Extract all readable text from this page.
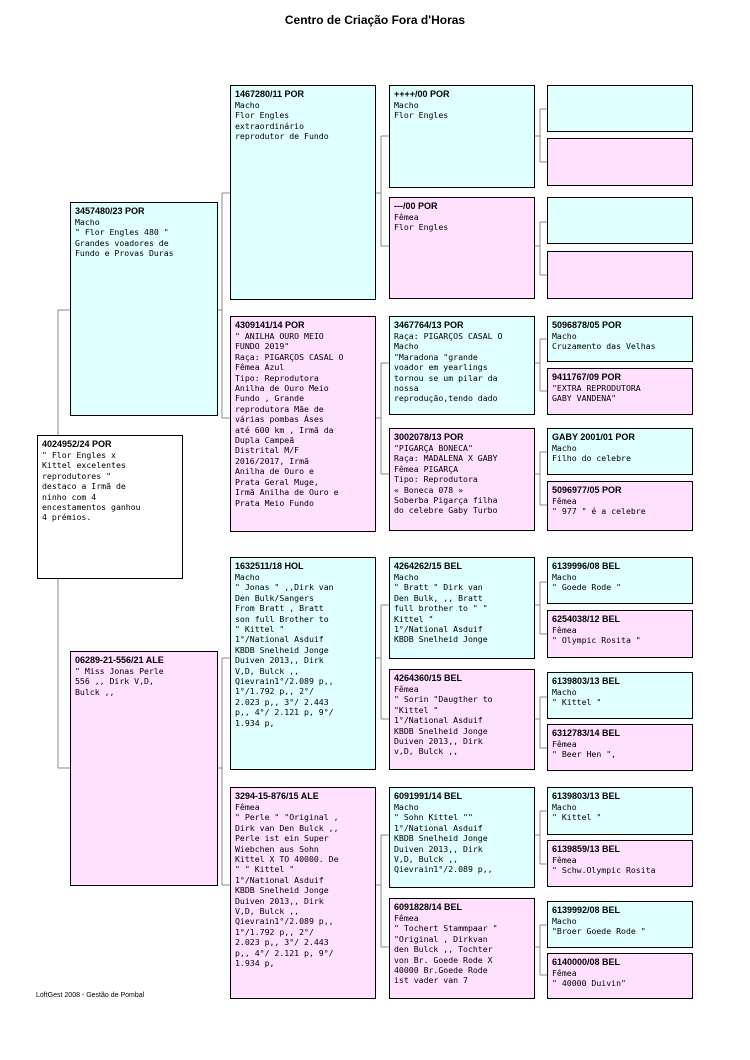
Centro de Criação Fora d'Horas
4024952/24 POR
" Flor Engles x
Kittel excelentes
reprodutores "
destaco a Irmã de
ninho com 4
encestamentos ganhou
4 prémios.
3457480/23 POR
Macho
" Flor Engles 480 "
Grandes voadores de
Fundo e Provas Duras
06289-21-556/21 ALE
" Miss Jonas Perle
556 ,, Dirk V,D,
Bulck ,,
1467280/11 POR
Macho
Flor Engles
extraordinário
reprodutor de Fundo
4309141/14 POR
" ANILHA OURO MEIO
FUNDO 2019"
Raça: PIGARÇOS CASAL O
Fêmea Azul
Tipo: Reprodutora
Anilha de Ouro Meio
Fundo , Grande
reprodutora Mãe de
várias pombas Áses
até 600 km , Irmã da
Dupla Campeã
Distrital M/F
2016/2017, Irmã
Anilha de Ouro e
Prata Geral Muge,
Irmã Anilha de Ouro e
Prata Meio Fundo
1632511/18 HOL
Macho
" Jonas " ,,Dirk van
Den Bulk/Sangers
From Bratt , Bratt
son full Brother to
" Kittel "
1°/National Asduif
KBDB Snelheid Jonge
Duiven 2013,, Dirk
V,D, Bulck ,,
Qievrain1°/2.089 p,,
1°/1.792 p,, 2°/
2.023 p,, 3°/ 2.443
p,, 4°/ 2.121 p, 9°/
1.934 p,
3294-15-876/15 ALE
Fêmea
" Perle " "Original ,
Dirk van Den Bulck ,,
Perle ist ein Super
Wiebchen aus Sohn
Kittel X TO 40000. De
" " Kittel "
1°/National Asduif
KBDB Snelheid Jonge
Duiven 2013,, Dirk
V,D, Bulck ,,
Qievrain1°/2.089 p,,
1°/1.792 p,, 2°/
2.023 p,, 3°/ 2.443
p,, 4°/ 2.121 p, 9°/
1.934 p,
++++/00 POR
Macho
Flor Engles
---/00 POR
Fêmea
Flor Engles
3467764/13 POR
Raça: PIGARÇOS CASAL O
Macho
"Maradona "grande
voador em yearlings
tornou se um pilar da
nossa
reprodução,tendo dado
3002078/13 POR
"PIGARÇA BONECA"
Raça: MADALENA X GABY
Fêmea PIGARÇA
Tipo: Reprodutora
« Boneca 078 »
Soberba Pigarça filha
do celebre Gaby Turbo
4264262/15 BEL
Macho
" Bratt " Dirk van
Den Bulk, ,, Bratt
full brother to " "
Kittel "
1°/National Asduif
KBDB Snelheid Jonge
4264360/15 BEL
Fêmea
" Sorin "Daugther to
"Kittel "
1°/National Asduif
KBDB Snelheid Jonge
Duiven 2013,, Dirk
v,D, Bulck ,,
6091991/14 BEL
Macho
" Sohn Kittel ""
1°/National Asduif
KBDB Snelheid Jonge
Duiven 2013,, Dirk
V,D, Bulck ,,
Qievrain1°/2.089 p,,
6091828/14 BEL
Fêmea
" Tochert Stammpaar "
"Original , Dirkvan
den Bulck ,, Tochter
von Br. Goede Rode X
40000 Br.Goede Rode
ist vader van 7
5096878/05 POR
Macho
Cruzamento das Velhas
9411767/09 POR
"EXTRA REPRODUTORA
GABY VANDENA"
GABY 2001/01 POR
Macho
Filho do celebre
5096977/05 POR
Fêmea
" 977 " é a celebre
6139996/08 BEL
Macho
" Goede Rode "
6254038/12 BEL
Fêmea
" Olympic Rosita "
6139803/13 BEL
Macho
" Kittel "
6312783/14 BEL
Fêmea
" Beer Hen ",
6139803/13 BEL
Macho
" Kittel "
6139859/13 BEL
Fêmea
" Schw.Olympic Rosita
6139992/08 BEL
Macho
"Broer Goede Rode "
6140000/08 BEL
Fêmea
" 40000 Duivin"
LoftGest 2008 - Gestão de Pombal
